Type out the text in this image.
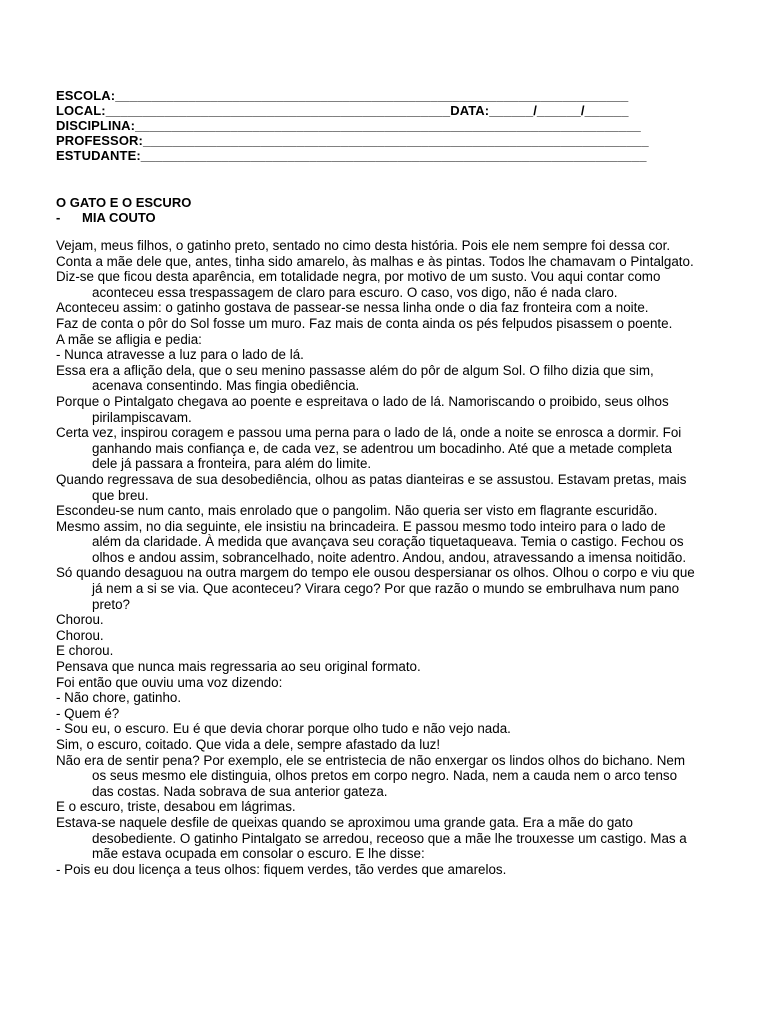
ESCOLA:______________________________________________________________________
LOCAL:_______________________________________________DATA:______/______/______
DISCIPLINA:_____________________________________________________________________
PROFESSOR:_____________________________________________________________________
ESTUDANTE:_____________________________________________________________________
O GATO E O ESCURO
-      MIA COUTO

Vejam, meus filhos, o gatinho preto, sentado no cimo desta história. Pois ele nem sempre foi dessa cor.

Conta a mãe dele que, antes, tinha sido amarelo, às malhas e às pintas. Todos lhe chamavam o Pintalgato.

Diz-se que ficou desta aparência, em totalidade negra, por motivo de um susto. Vou aqui contar como aconteceu essa trespassagem de claro para escuro. O caso, vos digo, não é nada claro.

Aconteceu assim: o gatinho gostava de passear-se nessa linha onde o dia faz fronteira com a noite.

Faz de conta o pôr do Sol fosse um muro. Faz mais de conta ainda os pés felpudos pisassem o poente.

A mãe se afligia e pedia:

- Nunca atravesse a luz para o lado de lá.

Essa era a aflição dela, que o seu menino passasse além do pôr de algum Sol. O filho dizia que sim, acenava consentindo. Mas fingia obediência.

Porque o Pintalgato chegava ao poente e espreitava o lado de lá. Namoriscando o proibido, seus olhos pirilampiscavam.

Certa vez, inspirou coragem e passou uma perna para o lado de lá, onde a noite se enrosca a dormir. Foi ganhando mais confiança e, de cada vez, se adentrou um bocadinho. Até que a metade completa dele já passara a fronteira, para além do limite.

Quando regressava de sua desobediência, olhou as patas dianteiras e se assustou. Estavam pretas, mais que breu.

Escondeu-se num canto, mais enrolado que o pangolim. Não queria ser visto em flagrante escuridão.

Mesmo assim, no dia seguinte, ele insistiu na brincadeira. E passou mesmo todo inteiro para o lado de além da claridade. À medida que avançava seu coração tiquetaqueava. Temia o castigo. Fechou os olhos e andou assim, sobrancelhado, noite adentro. Andou, andou, atravessando a imensa noitidão.

Só quando desaguou na outra margem do tempo ele ousou despersianar os olhos. Olhou o corpo e viu que já nem a si se via. Que aconteceu? Virara cego? Por que razão o mundo se embrulhava num pano preto?

Chorou.

Chorou.

E chorou.

Pensava que nunca mais regressaria ao seu original formato.

Foi então que ouviu uma voz dizendo:

- Não chore, gatinho.

- Quem é?

- Sou eu, o escuro. Eu é que devia chorar porque olho tudo e não vejo nada.

Sim, o escuro, coitado. Que vida a dele, sempre afastado da luz!

Não era de sentir pena? Por exemplo, ele se entristecia de não enxergar os lindos olhos do bichano. Nem os seus mesmo ele distinguia, olhos pretos em corpo negro. Nada, nem a cauda nem o arco tenso das costas. Nada sobrava de sua anterior gateza.

E o escuro, triste, desabou em lágrimas.

Estava-se naquele desfile de queixas quando se aproximou uma grande gata. Era a mãe do gato desobediente. O gatinho Pintalgato se arredou, receoso que a mãe lhe trouxesse um castigo. Mas a mãe estava ocupada em consolar o escuro. E lhe disse:

- Pois eu dou licença a teus olhos: fiquem verdes, tão verdes que amarelos.
